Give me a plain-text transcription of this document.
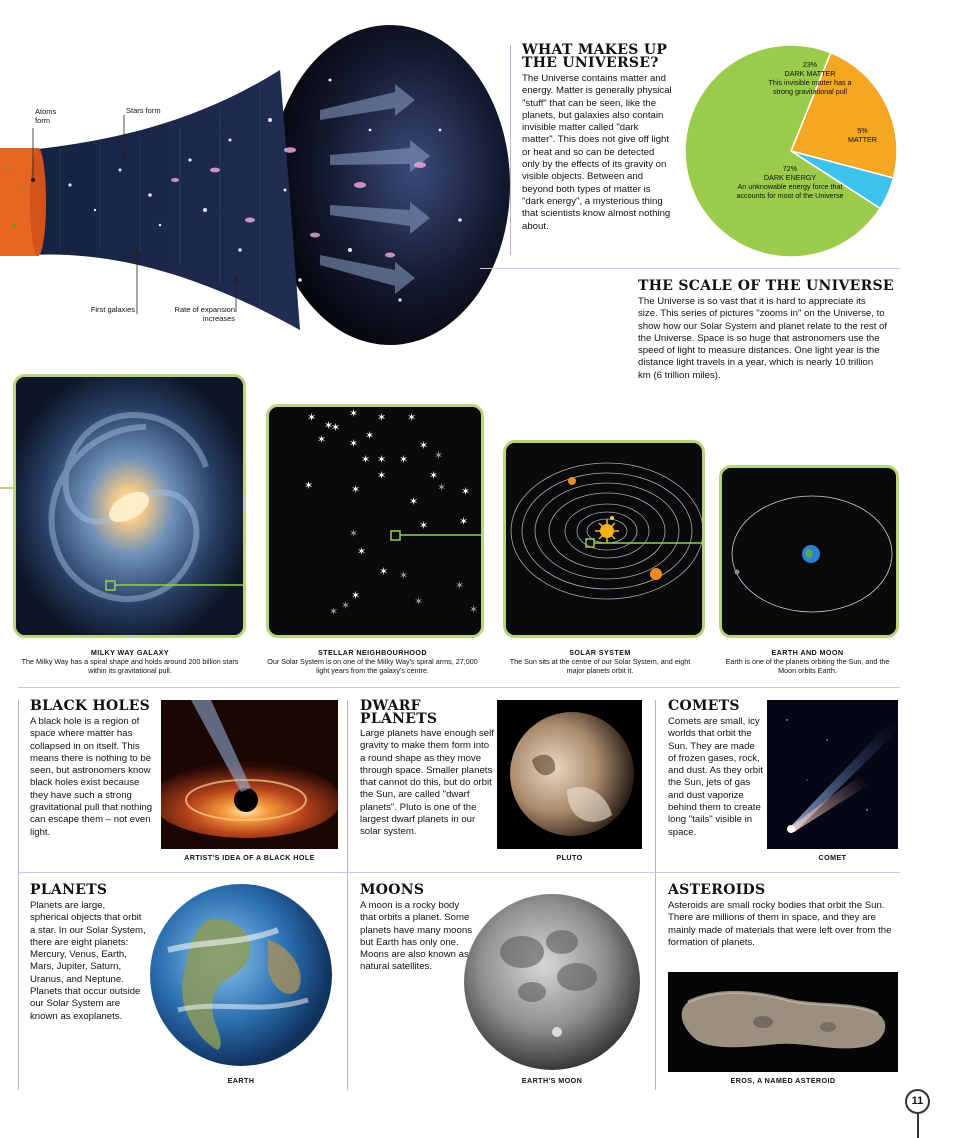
Atoms form
Stars form
First galaxies	Rate of expansion increases
WHAT MAKES UP THE UNIVERSE?
The Universe contains matter and energy. Matter is generally physical "stuff" that can be seen, like the planets, but galaxies also contain invisible matter called "dark matter". This does not give off light or heat and so can be detected only by the effects of its gravity on visible objects. Between and beyond both types of matter is "dark energy", a mysterious thing that scientists know almost nothing about.
23%
DARK MATTER
This invisible matter has a strong gravitational pull
5%
MATTER
72%
DARK ENERGY
An unknowable energy force that accounts for most of the Universe
THE SCALE OF THE UNIVERSE
The Universe is so vast that it is hard to appreciate its size. This series of pictures "zooms in" on the Universe, to show how our Solar System and planet relate to the rest of the Universe. Space is so huge that astronomers use the speed of light to measure distances. One light year is the distance light travels in a year, which is nearly 10 trillion km (6 trillion miles).
✶
✶
✶ ✶	✶
✶
✶
✶
✶
✶
✶	✶
✶ ✶
✶
✶
✶
✶
✶
✶
✶
✶
✶
✶
✶
✶
✶
✶
✶
✶
✶
✶
✶
MILKY WAY GALAXY
The Milky Way has a spiral shape and holds around 200 billion stars within its gravitational pull.
STELLAR NEIGHBOURHOOD
Our Solar System is on one of the Milky Way's spiral arms, 27,000 light years from the galaxy's centre.
SOLAR SYSTEM
The Sun sits at the centre of our Solar System, and eight major planets orbit it.
EARTH AND MOON
Earth is one of the planets orbiting the Sun, and the Moon orbits Earth.
BLACK HOLES
A black hole is a region of space where matter has collapsed in on itself. This means there is nothing to be seen, but astronomers know black holes exist because they have such a strong gravitational pull that nothing can escape them – not even light.
ARTIST'S IDEA OF A BLACK HOLE
DWARF PLANETS
Large planets have enough self gravity to make them form into a round shape as they move through space. Smaller planets that cannot do this, but do orbit the Sun, are called "dwarf planets". Pluto is one of the largest dwarf planets in our solar system.
PLUTO
COMETS
Comets are small, icy worlds that orbit the Sun. They are made of frozen gases, rock, and dust. As they orbit the Sun, jets of gas and dust vaporize behind them to create long "tails" visible in space.
COMET
PLANETS
Planets are large, spherical objects that orbit a star. In our Solar System, there are eight planets: Mercury, Venus, Earth, Mars, Jupiter, Saturn, Uranus, and Neptune. Planets that occur outside our Solar System are known as exoplanets.
EARTH
MOONS
A moon is a rocky body that orbits a planet. Some planets have many moons but Earth has only one. Moons are also known as natural satellites.
EARTH'S MOON
ASTEROIDS
Asteroids are small rocky bodies that orbit the Sun. There are millions of them in space, and they are mainly made of materials that were left over from the formation of planets.
EROS, A NAMED ASTEROID
11
